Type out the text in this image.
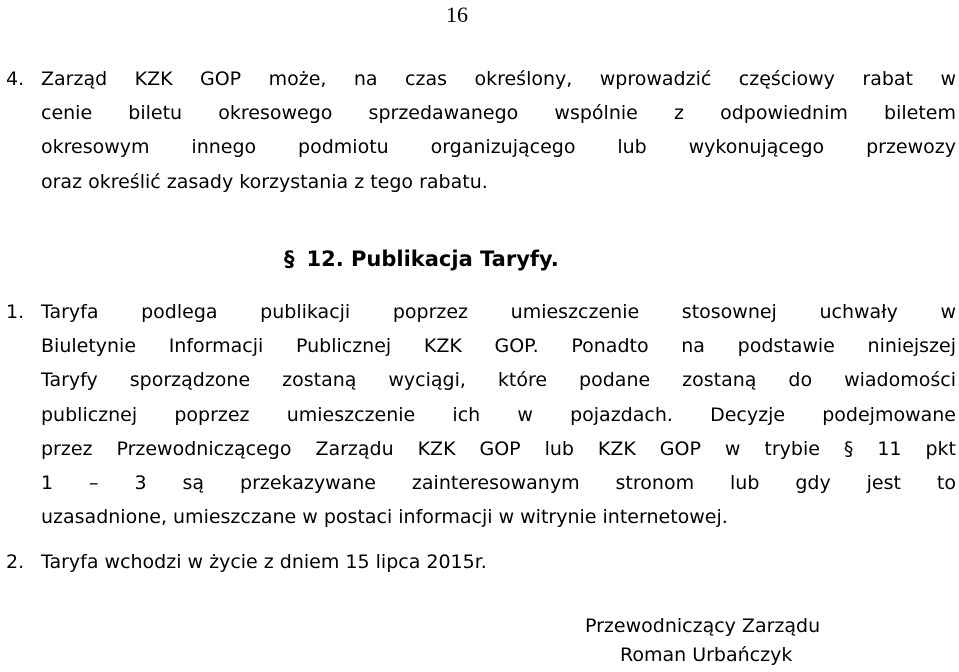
16
4. Zarząd KZK GOP może, na czas określony, wprowadzić częściowy rabat w
cenie biletu okresowego sprzedawanego wspólnie z odpowiednim biletem
okresowym innego podmiotu organizującego lub wykonującego przewozy
oraz określić zasady korzystania z tego rabatu.
§ 12. Publikacja Taryfy.
1. Taryfa podlega publikacji poprzez umieszczenie stosownej uchwały w
Biuletynie Informacji Publicznej KZK GOP. Ponadto na podstawie niniejszej
Taryfy sporządzone zostaną wyciągi, które podane zostaną do wiadomości
publicznej poprzez umieszczenie ich w pojazdach. Decyzje podejmowane
przez Przewodniczącego Zarządu KZK GOP lub KZK GOP w trybie § 11 pkt
1 – 3 są przekazywane zainteresowanym stronom lub gdy jest to
uzasadnione, umieszczane w postaci informacji w witrynie internetowej.
2. Taryfa wchodzi w życie z dniem 15 lipca 2015r.
Przewodniczący Zarządu
Roman Urbańczyk
